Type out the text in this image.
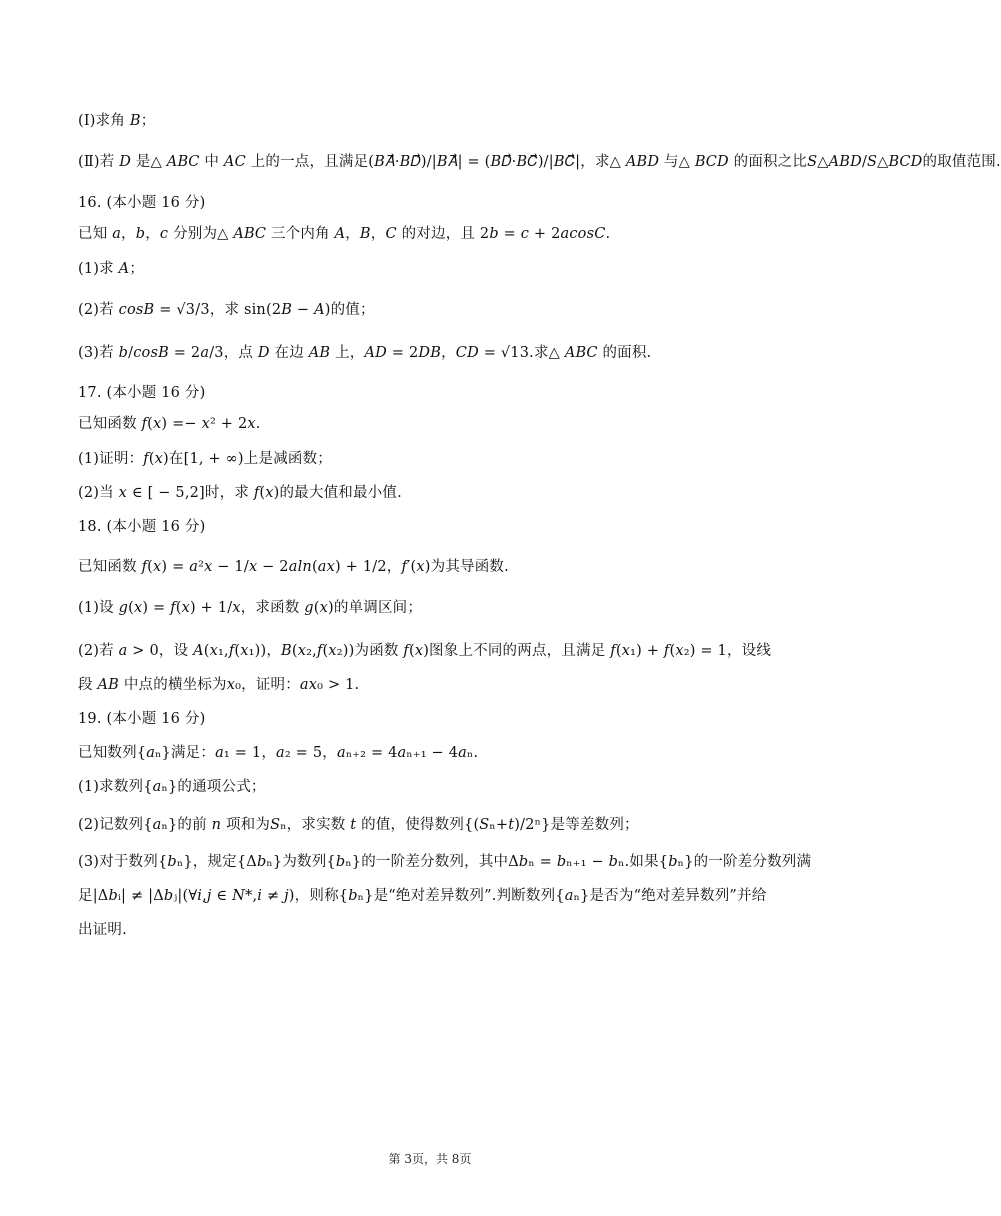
(Ⅰ)求角 𝐵；
(Ⅱ)若 𝐷 是△ 𝐴𝐵𝐶 中 𝐴𝐶 上的一点，且满足(𝐵𝐴⃗·𝐵𝐷⃗)/|𝐵𝐴⃗| = (𝐵𝐷⃗·𝐵𝐶⃗)/|𝐵𝐶⃗|，求△ 𝐴𝐵𝐷 与△ 𝐵𝐶𝐷 的面积之比𝑆△𝐴𝐵𝐷/𝑆△𝐵𝐶𝐷的取值范围.
16. (本小题 16 分)
已知 𝑎，𝑏，𝑐 分别为△ 𝐴𝐵𝐶 三个内角 𝐴，𝐵，𝐶 的对边，且 2𝑏 = 𝑐 + 2𝑎𝑐𝑜𝑠𝐶.
(1)求 𝐴；
(2)若 𝑐𝑜𝑠𝐵 = √3/3，求 sin(2𝐵 − 𝐴)的值；
(3)若 𝑏/𝑐𝑜𝑠𝐵 = 2𝑎/3，点 𝐷 在边 𝐴𝐵 上，𝐴𝐷 = 2𝐷𝐵，𝐶𝐷 = √13.求△ 𝐴𝐵𝐶 的面积.
17. (本小题 16 分)
已知函数 𝑓(𝑥) =− 𝑥² + 2𝑥.
(1)证明：𝑓(𝑥)在[1, + ∞)上是减函数；
(2)当 𝑥 ∈ [ − 5,2]时，求 𝑓(𝑥)的最大值和最小值.
18. (本小题 16 分)
已知函数 𝑓(𝑥) = 𝑎²𝑥 − 1/𝑥 − 2𝑎𝑙𝑛(𝑎𝑥) + 1/2，𝑓′(𝑥)为其导函数.
(1)设 𝑔(𝑥) = 𝑓(𝑥) + 1/𝑥，求函数 𝑔(𝑥)的单调区间；
(2)若 𝑎 > 0，设 𝐴(𝑥₁,𝑓(𝑥₁))，𝐵(𝑥₂,𝑓(𝑥₂))为函数 𝑓(𝑥)图象上不同的两点，且满足 𝑓(𝑥₁) + 𝑓(𝑥₂) = 1，设线
段 𝐴𝐵 中点的横坐标为𝑥₀，证明：𝑎𝑥₀ > 1.
19. (本小题 16 分)
已知数列{𝑎ₙ}满足：𝑎₁ = 1，𝑎₂ = 5，𝑎ₙ₊₂ = 4𝑎ₙ₊₁ − 4𝑎ₙ.
(1)求数列{𝑎ₙ}的通项公式；
(2)记数列{𝑎ₙ}的前 𝑛 项和为𝑆ₙ，求实数 𝑡 的值，使得数列{(𝑆ₙ+𝑡)/2ⁿ}是等差数列；
(3)对于数列{𝑏ₙ}，规定{Δ𝑏ₙ}为数列{𝑏ₙ}的一阶差分数列，其中Δ𝑏ₙ = 𝑏ₙ₊₁ − 𝑏ₙ.如果{𝑏ₙ}的一阶差分数列满
足|Δ𝑏ᵢ| ≠ |Δ𝑏ⱼ|(∀𝑖,𝑗 ∈ 𝑁*,𝑖 ≠ 𝑗)，则称{𝑏ₙ}是“绝对差异数列”.判断数列{𝑎ₙ}是否为“绝对差异数列”并给
出证明.
第 3页，共 8页
